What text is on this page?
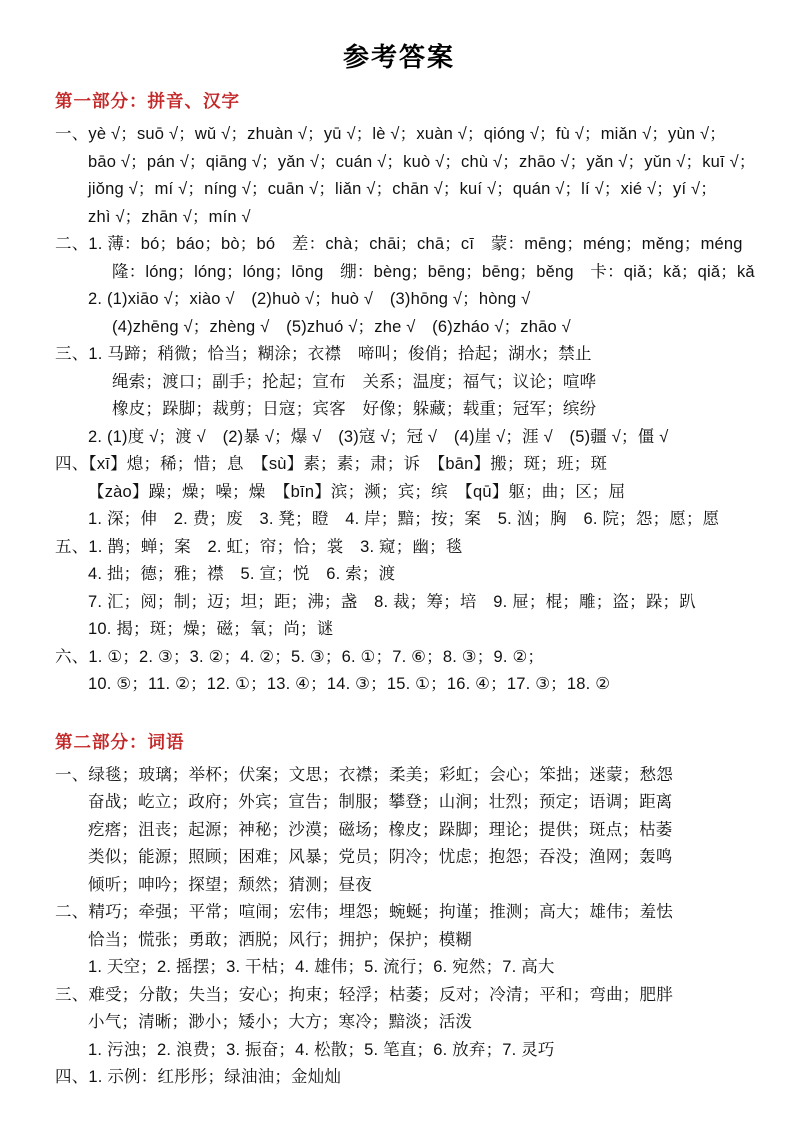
参考答案
第一部分：拼音、汉字
一、yè √；suō √；wǔ √；zhuàn √；yū √；lè √；xuàn √；qióng √；fù √；miǎn √；yùn √；
bāo √；pán √；qiāng √；yǎn √；cuán √；kuò √；chù √；zhāo √；yǎn √；yǔn √；kuī √；
jiǒng √；mí √；níng √；cuān √；liǎn √；chān √；kuí √；quán √；lí √；xié √；yí √；
zhì √；zhān √；mín √
二、1. 薄：bó；báo；bò；bó　差：chà；chāi；chā；cī　蒙：mēng；méng；měng；méng
隆：lóng；lóng；lóng；lōng　绷：bèng；bēng；bēng；běng　卡：qiǎ；kǎ；qiǎ；kǎ
2. (1)xiāo √；xiào √　(2)huò √；huò √　(3)hōng √；hòng √
(4)zhēng √；zhèng √　(5)zhuó √；zhe √　(6)zháo √；zhāo √
三、1. 马蹄；稍微；恰当；糊涂；衣襟　啼叫；俊俏；拾起；湖水；禁止
绳索；渡口；副手；抡起；宣布　关系；温度；福气；议论；喧哗
橡皮；跺脚；裁剪；日寇；宾客　好像；躲藏；载重；冠军；缤纷
2. (1)度 √；渡 √　(2)暴 √；爆 √　(3)寇 √；冠 √　(4)崖 √；涯 √　(5)疆 √；僵 √
四、【xī】熄；稀；惜；息　【sù】素；素；肃；诉　【bān】搬；斑；班；斑
【zào】躁；燥；噪；燥　【bīn】滨；濒；宾；缤　【qū】躯；曲；区；屈
1. 深；伸　2. 费；废　3. 凳；瞪　4. 岸；黯；按；案　5. 汹；胸　6. 院；怨；愿；愿
五、1. 鹊；蝉；案　2. 虹；帘；恰；裳　3. 窥；幽；毯
4. 拙；德；雅；襟　5. 宣；悦　6. 索；渡
7. 汇；阅；制；迈；坦；距；沸；盏　8. 裁；筹；培　9. 屉；棍；雕；盗；跺；趴
10. 揭；斑；燥；磁；氧；尚；谜
六、1. ①；2. ③；3. ②；4. ②；5. ③；6. ①；7. ⑥；8. ③；9. ②；
10. ⑤；11. ②；12. ①；13. ④；14. ③；15. ①；16. ④；17. ③；18. ②
第二部分：词语
一、绿毯；玻璃；举杯；伏案；文思；衣襟；柔美；彩虹；会心；笨拙；迷蒙；愁怨
奋战；屹立；政府；外宾；宣告；制服；攀登；山涧；壮烈；预定；语调；距离
疙瘩；沮丧；起源；神秘；沙漠；磁场；橡皮；跺脚；理论；提供；斑点；枯萎
类似；能源；照顾；困难；风暴；党员；阴冷；忧虑；抱怨；吞没；渔网；轰鸣
倾听；呻吟；探望；颓然；猜测；昼夜
二、精巧；牵强；平常；喧闹；宏伟；埋怨；蜿蜒；拘谨；推测；高大；雄伟；羞怯
恰当；慌张；勇敢；洒脱；风行；拥护；保护；模糊
1. 天空；2. 摇摆；3. 干枯；4. 雄伟；5. 流行；6. 宛然；7. 高大
三、难受；分散；失当；安心；拘束；轻浮；枯萎；反对；冷清；平和；弯曲；肥胖
小气；清晰；渺小；矮小；大方；寒冷；黯淡；活泼
1. 污浊；2. 浪费；3. 振奋；4. 松散；5. 笔直；6. 放弃；7. 灵巧
四、1. 示例：红彤彤；绿油油；金灿灿
